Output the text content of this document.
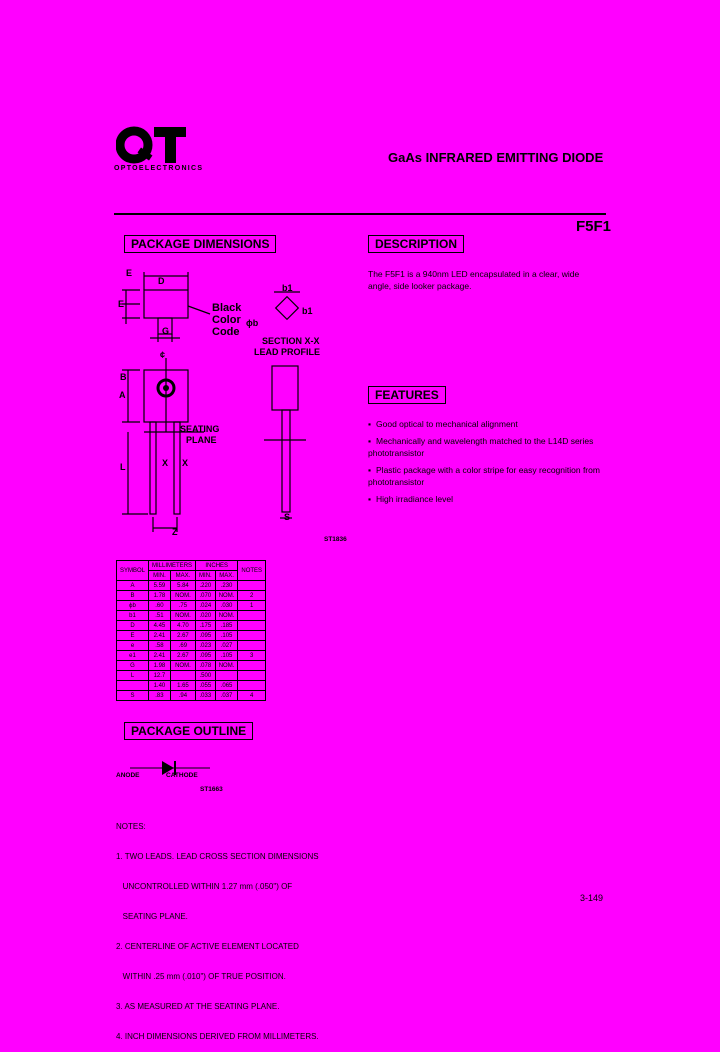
OPTOELECTRONICS
GaAs INFRARED EMITTING DIODE
F5F1
PACKAGE DIMENSIONS	DESCRIPTION
FEATURES
PACKAGE OUTLINE
The F5F1 is a 940nm LED encapsulated in a clear, wide angle, side looker package.
▪ Good optical to mechanical alignment
▪ Mechanically and wavelength matched to the L14D series phototransistor
▪ Plastic package with a color stripe for easy recognition from phototransistor
▪ High irradiance level
E
D
E
G
Black
Color
Code
b1
b1
ϕb
SECTION X-X
LEAD PROFILE
¢
B
A
SEATING
PLANE
X X
L
S
Z
ST1836
SYMBOL	MILLIMETERS		INCHES		NOTES
	MIN.	MAX.	MIN.	MAX.	
A	5.59	5.84	.220	.230	
B	1.78	NOM.	.070	NOM.	2
ϕb	.60	.75	.024	.030	1
b1	.51	NOM.	.020	NOM.	
D	4.45	4.70	.175	.185	
E	2.41	2.67	.095	.105	
e	.58	.69	.023	.027	
e1	2.41	2.67	.095	.105	3
G	1.98	NOM.	.078	NOM.	
L	12.7		.500		
	1.40	1.65	.055	.065	
S	.83	.94	.033	.037	4
ANODE	CATHODE
ST1663

NOTES:

1. TWO LEADS. LEAD CROSS SECTION DIMENSIONS

UNCONTROLLED WITHIN 1.27 mm (.050") OF

SEATING PLANE.

2. CENTERLINE OF ACTIVE ELEMENT LOCATED

WITHIN .25 mm (.010") OF TRUE POSITION.

3. AS MEASURED AT THE SEATING PLANE.

4. INCH DIMENSIONS DERIVED FROM MILLIMETERS.

3-149
